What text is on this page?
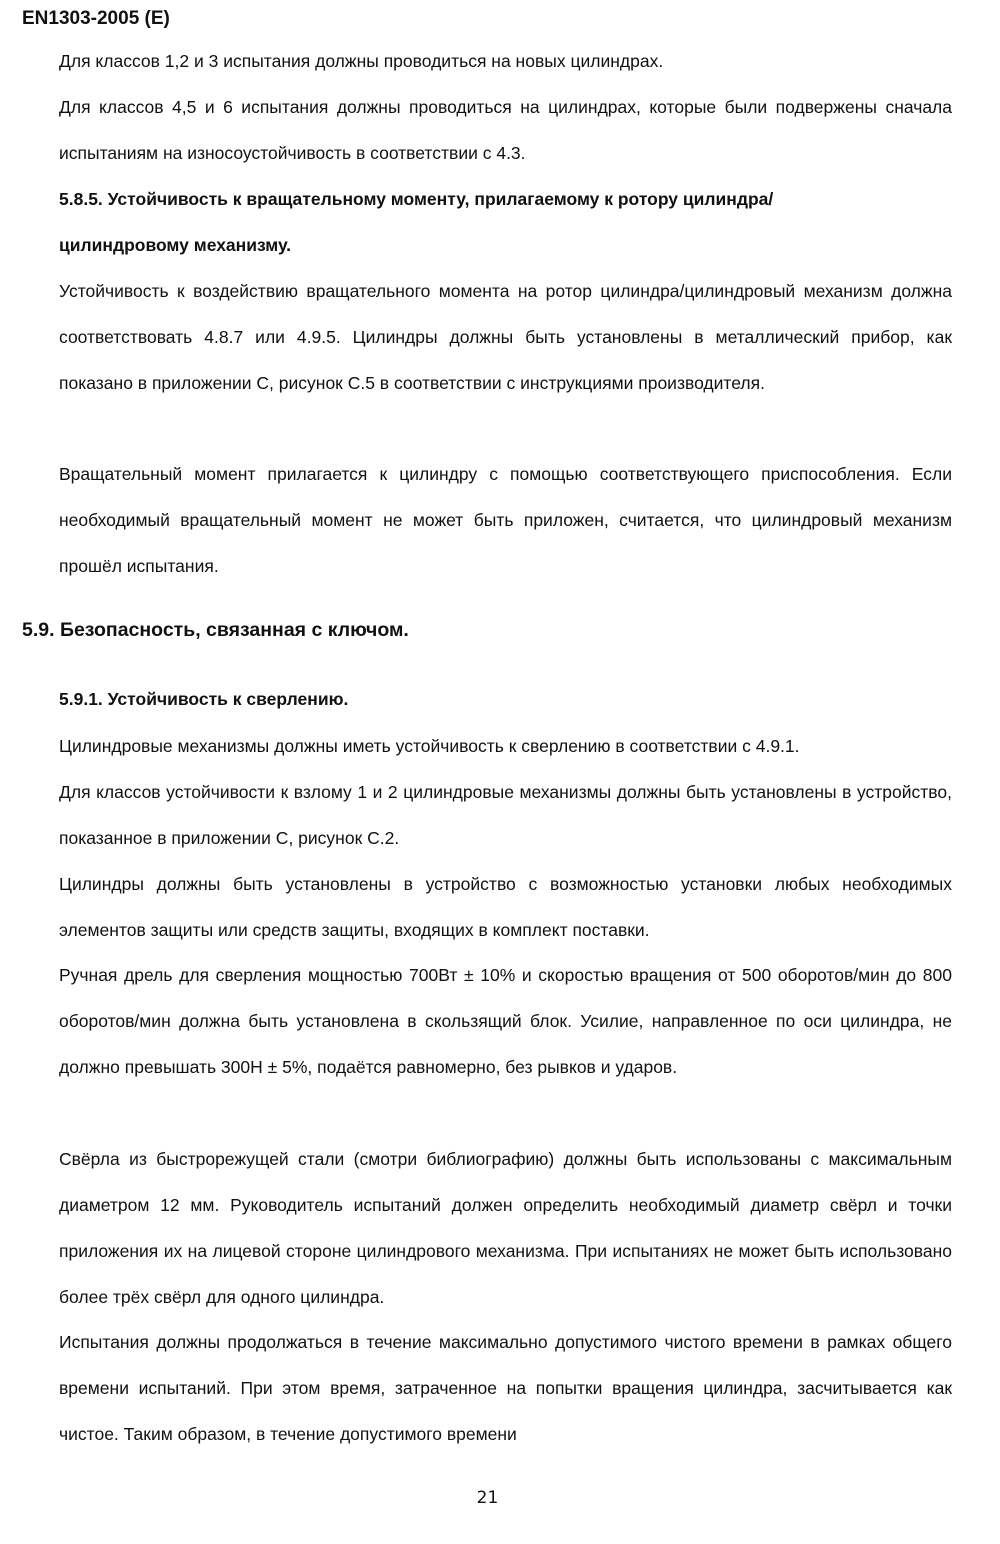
EN1303-2005 (E)

Для классов 1,2 и 3 испытания должны проводиться на новых цилиндрах.

Для классов 4,5 и 6 испытания должны проводиться на цилиндрах, которые были подвержены сначала испытаниям на износоустойчивость в соответствии с 4.3.

5.8.5. Устойчивость к вращательному моменту, прилагаемому к ротору цилиндра/цилиндровому механизму.

Устойчивость к воздействию вращательного момента на ротор цилиндра/цилиндровый механизм должна соответствовать 4.8.7 или 4.9.5. Цилиндры должны быть установлены в металлический прибор, как показано в приложении С, рисунок С.5 в соответствии с инструкциями производителя.

Вращательный момент прилагается к цилиндру с помощью соответствующего приспособления. Если необходимый вращательный момент не может быть приложен, считается, что цилиндровый механизм прошёл испытания.

5.9. Безопасность, связанная с ключом.

5.9.1. Устойчивость к сверлению.

Цилиндровые механизмы должны иметь устойчивость к сверлению в соответствии с 4.9.1.

Для классов устойчивости к взлому 1 и 2 цилиндровые механизмы должны быть установлены в устройство, показанное в приложении С, рисунок С.2.

Цилиндры должны быть установлены в устройство с возможностью установки любых необходимых элементов защиты или средств защиты, входящих в комплект поставки.

Ручная дрель для сверления мощностью 700Вт ± 10% и скоростью вращения от 500 оборотов/мин до 800 оборотов/мин должна быть установлена в скользящий блок. Усилие, направленное по оси цилиндра, не должно превышать 300Н ± 5%, подаётся равномерно, без рывков и ударов.

Свёрла из быстрорежущей стали (смотри библиографию) должны быть использованы с максимальным диаметром 12 мм. Руководитель испытаний должен определить необходимый диаметр свёрл и точки приложения их на лицевой стороне цилиндрового механизма. При испытаниях не может быть использовано более трёх свёрл для одного цилиндра.

Испытания должны продолжаться в течение максимально допустимого чистого времени в рамках общего времени испытаний. При этом время, затраченное на попытки вращения цилиндра, засчитывается как чистое. Таким образом, в течение допустимого времени

21
